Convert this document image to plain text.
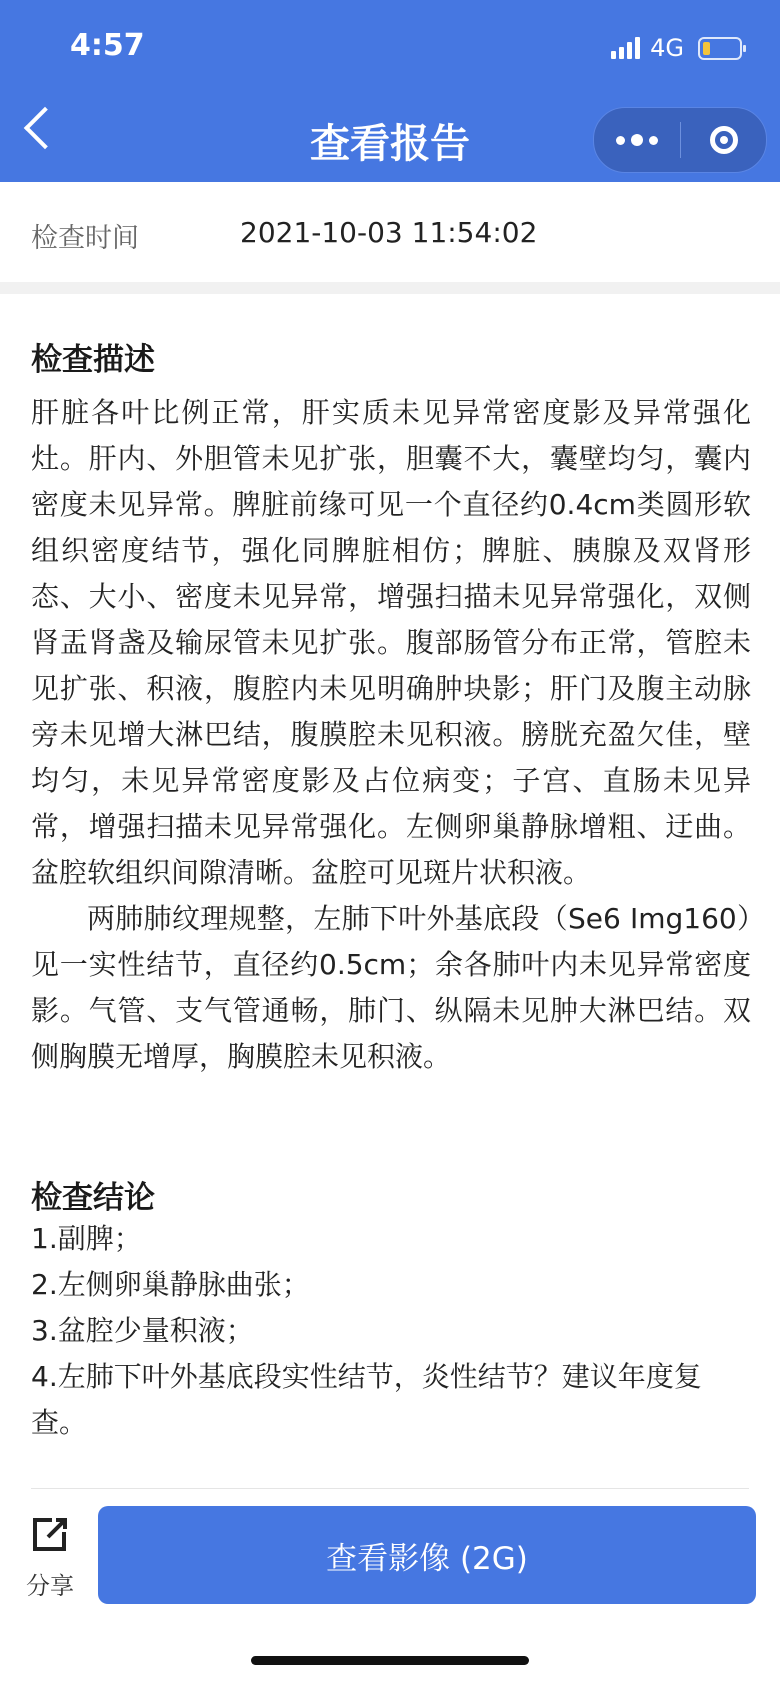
4:57	4G
查看报告
检查时间	2021-10-03 11:54:02
检查描述

肝脏各叶比例正常，肝实质未见异常密度影及异常强化灶。肝内、外胆管未见扩张，胆囊不大，囊壁均匀，囊内密度未见异常。脾脏前缘可见一个直径约0.4cm类圆形软组织密度结节，强化同脾脏相仿；脾脏、胰腺及双肾形态、大小、密度未见异常，增强扫描未见异常强化，双侧肾盂肾盏及输尿管未见扩张。腹部肠管分布正常，管腔未见扩张、积液，腹腔内未见明确肿块影；肝门及腹主动脉旁未见增大淋巴结，腹膜腔未见积液。膀胱充盈欠佳，壁均匀，未见异常密度影及占位病变；子宫、直肠未见异常，增强扫描未见异常强化。左侧卵巢静脉增粗、迂曲。盆腔软组织间隙清晰。盆腔可见斑片状积液。

两肺肺纹理规整，左肺下叶外基底段（Se6 Img160）见一实性结节，直径约0.5cm；余各肺叶内未见异常密度影。气管、支气管通畅，肺门、纵隔未见肿大淋巴结。双侧胸膜无增厚，胸膜腔未见积液。

检查结论

1.副脾；

2.左侧卵巢静脉曲张；

3.盆腔少量积液；

4.左肺下叶外基底段实性结节，炎性结节？建议年度复查。

分享
查看影像 (2G)
